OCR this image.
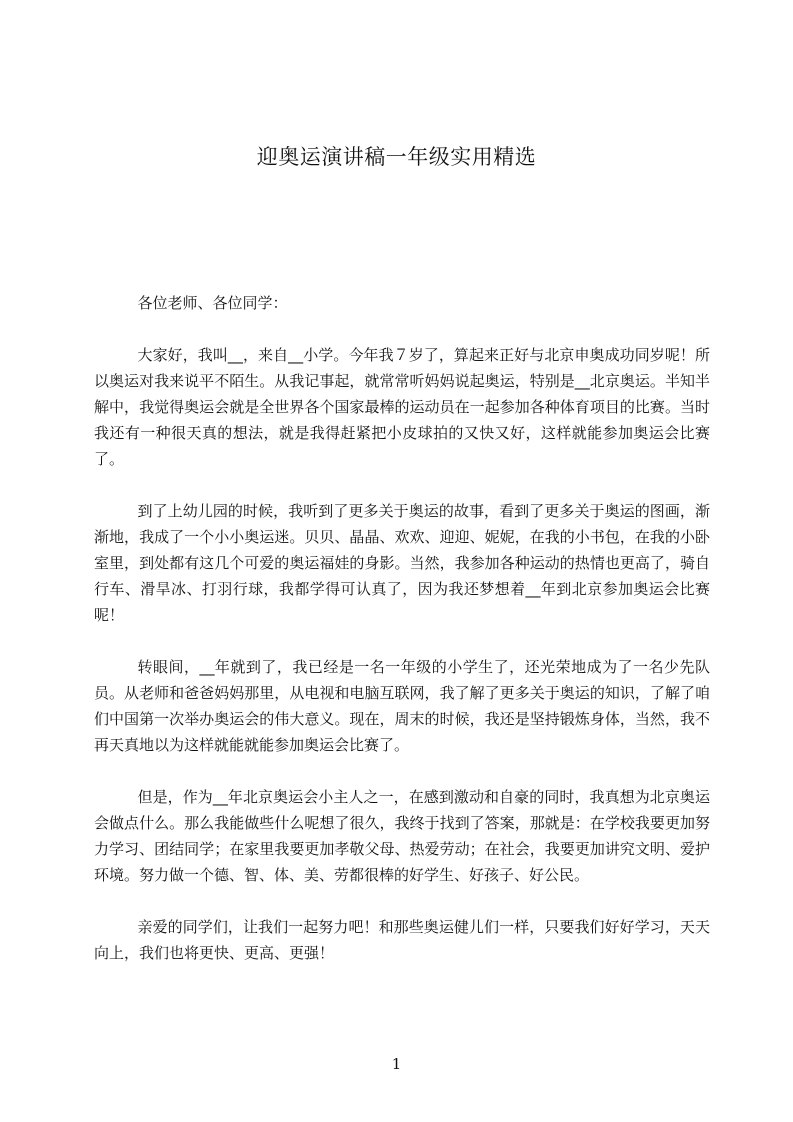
迎奥运演讲稿一年级实用精选

各位老师、各位同学：

大家好，我叫__，来自__小学。今年我７岁了，算起来正好与北京申奥成功同岁呢！所以奥运对我来说平不陌生。从我记事起，就常常听妈妈说起奥运，特别是__北京奥运。半知半解中，我觉得奥运会就是全世界各个国家最棒的运动员在一起参加各种体育项目的比赛。当时我还有一种很天真的想法，就是我得赶紧把小皮球拍的又快又好，这样就能参加奥运会比赛了。

到了上幼儿园的时候，我听到了更多关于奥运的故事，看到了更多关于奥运的图画，渐渐地，我成了一个小小奥运迷。贝贝、晶晶、欢欢、迎迎、妮妮，在我的小书包，在我的小卧室里，到处都有这几个可爱的奥运福娃的身影。当然，我参加各种运动的热情也更高了，骑自行车、滑旱冰、打羽行球，我都学得可认真了，因为我还梦想着__年到北京参加奥运会比赛呢！

转眼间，__年就到了，我已经是一名一年级的小学生了，还光荣地成为了一名少先队员。从老师和爸爸妈妈那里，从电视和电脑互联网，我了解了更多关于奥运的知识，了解了咱们中国第一次举办奥运会的伟大意义。现在，周末的时候，我还是坚持锻炼身体，当然，我不再天真地以为这样就能就能参加奥运会比赛了。

但是，作为__年北京奥运会小主人之一，在感到激动和自豪的同时，我真想为北京奥运会做点什么。那么我能做些什么呢想了很久，我终于找到了答案，那就是：在学校我要更加努力学习、团结同学；在家里我要更加孝敬父母、热爱劳动；在社会，我要更加讲究文明、爱护环境。努力做一个德、智、体、美、劳都很棒的好学生、好孩子、好公民。

亲爱的同学们，让我们一起努力吧！和那些奥运健儿们一样，只要我们好好学习，天天向上，我们也将更快、更高、更强！

1
